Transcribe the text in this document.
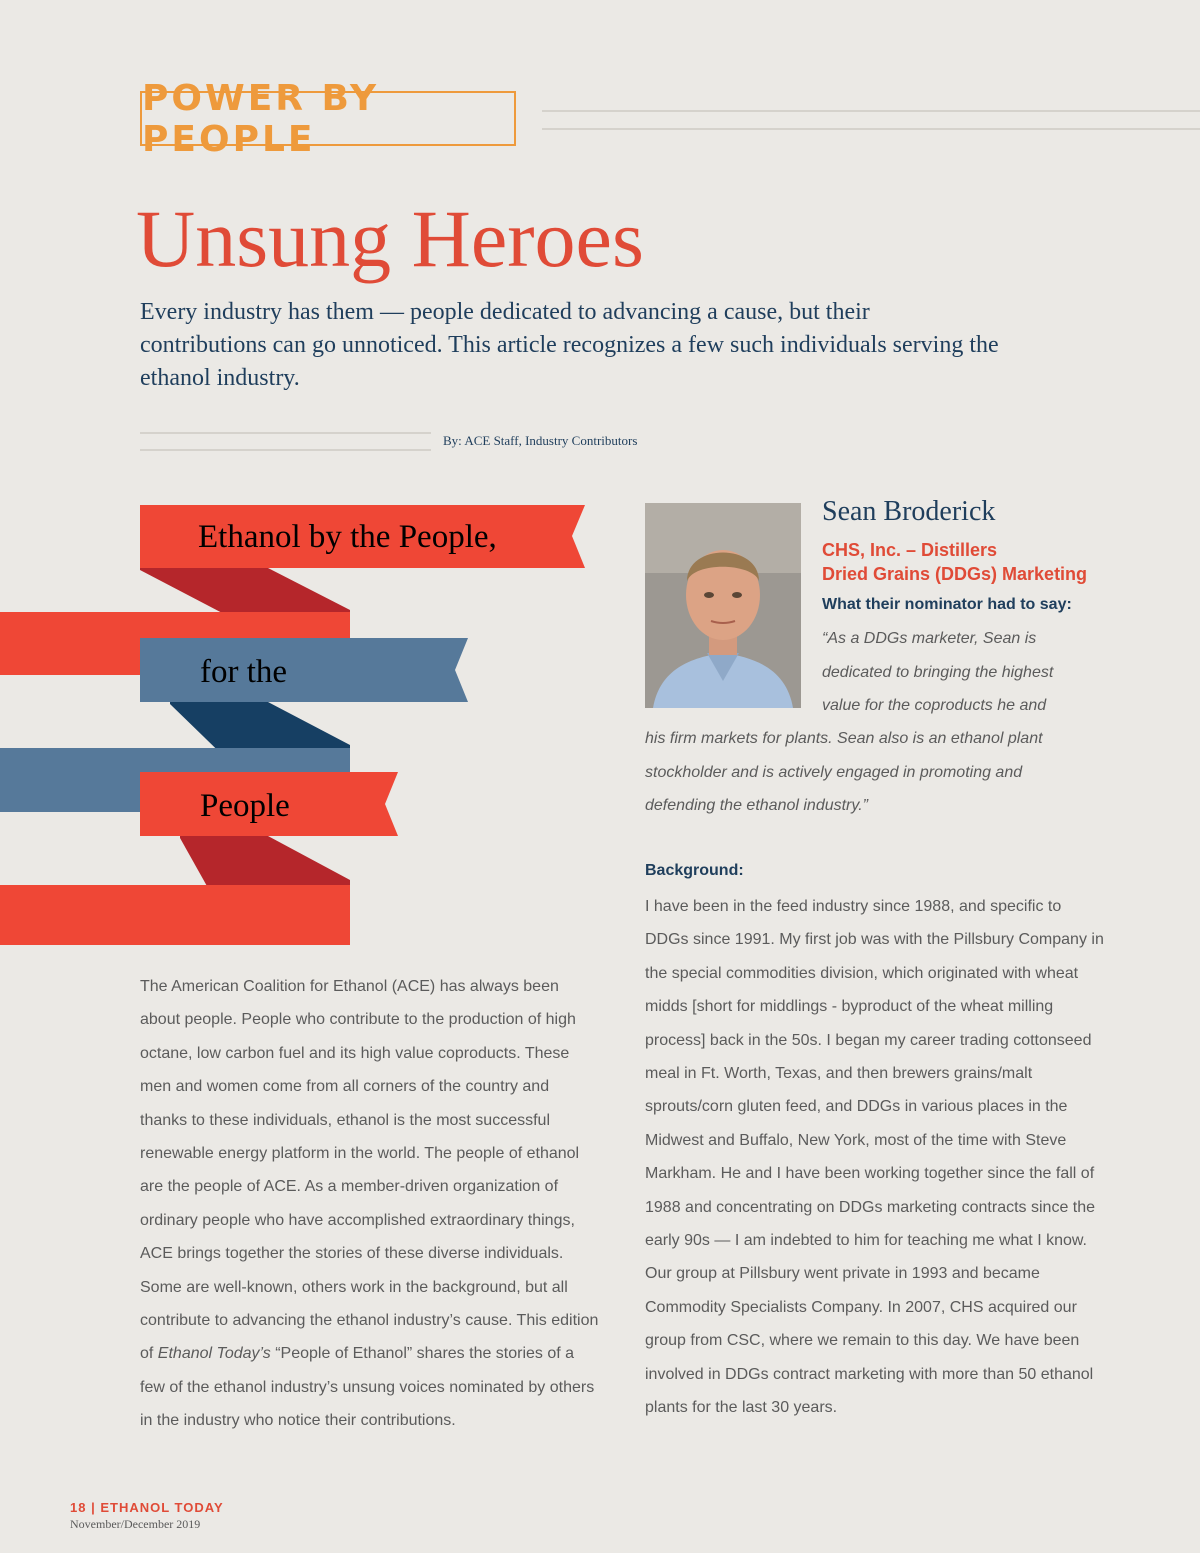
POWER BY PEOPLE
Unsung Heroes

Every industry has them — people dedicated to advancing a cause, but their contributions can go unnoticed. This article recognizes a few such individuals serving the ethanol industry.

By: ACE Staff, Industry Contributors
Ethanol by the People,
for the
People

The American Coalition for Ethanol (ACE) has always been about people. People who contribute to the production of high octane, low carbon fuel and its high value coproducts. These men and women come from all corners of the country and thanks to these individuals, ethanol is the most successful renewable energy platform in the world. The people of ethanol are the people of ACE. As a member-driven organization of ordinary people who have accomplished extraordinary things, ACE brings together the stories of these diverse individuals. Some are well-known, others work in the background, but all contribute to advancing the ethanol industry’s cause. This edition of Ethanol Today’s “People of Ethanol” shares the stories of a few of the ethanol industry’s unsung voices nominated by others in the industry who notice their contributions.

Sean Broderick
CHS, Inc. – Distillers
Dried Grains (DDGs) Marketing
What their nominator had to say:
“As a DDGs marketer, Sean is
dedicated to bringing the highest
value for the coproducts he and
his firm markets for plants. Sean also is an ethanol plant
stockholder and is actively engaged in promoting and
defending the ethanol industry.”
Background:

I have been in the feed industry since 1988, and specific to DDGs since 1991. My first job was with the Pillsbury Company in the special commodities division, which originated with wheat midds [short for middlings - byproduct of the wheat milling process] back in the 50s. I began my career trading cottonseed meal in Ft. Worth, Texas, and then brewers grains/malt sprouts/corn gluten feed, and DDGs in various places in the Midwest and Buffalo, New York, most of the time with Steve Markham. He and I have been working together since the fall of 1988 and concentrating on DDGs marketing contracts since the early 90s — I am indebted to him for teaching me what I know. Our group at Pillsbury went private in 1993 and became Commodity Specialists Company. In 2007, CHS acquired our group from CSC, where we remain to this day. We have been involved in DDGs contract marketing with more than 50 ethanol plants for the last 30 years.

18 | ETHANOL TODAY
November/December 2019
